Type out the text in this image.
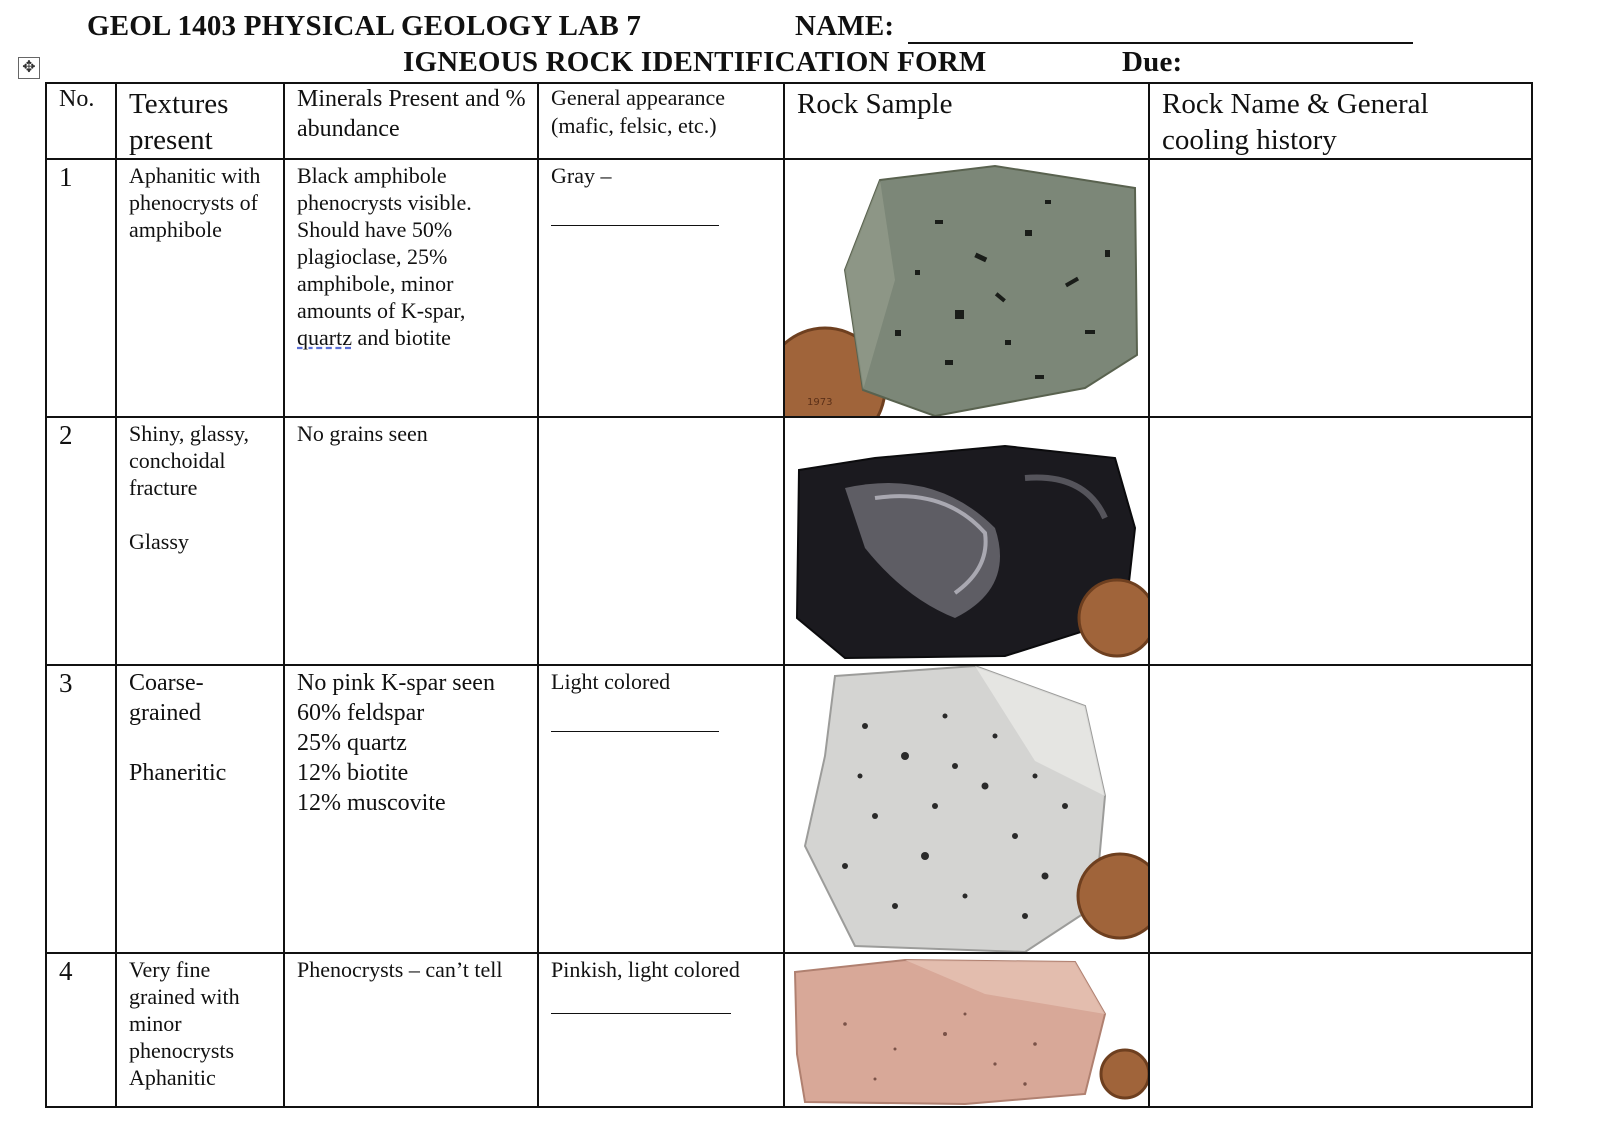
GEOL 1403 PHYSICAL GEOLOGY LAB 7	NAME:
IGNEOUS ROCK IDENTIFICATION FORM	Due:
✥
No.	Textures present	Minerals Present and % abundance	General appearance (mafic, felsic, etc.)	Rock Sample	Rock Name & General cooling history
1	Aphanitic with phenocrysts of amphibole	Black amphibole phenocrysts visible. Should have 50% plagioclase, 25% amphibole, minor amounts of K-spar,
quartz and biotite	Gray –	1973	

2	Shiny, glassy, conchoidal fracture

Glassy	No grains seen		

3	Coarse-
grained

Phaneritic	No pink K-spar seen
60% feldspar
25% quartz
12% biotite
12% muscovite	Light colored

4	Very fine grained with minor phenocrysts
Aphanitic	Phenocrysts – can’t tell	Pinkish, light colored
